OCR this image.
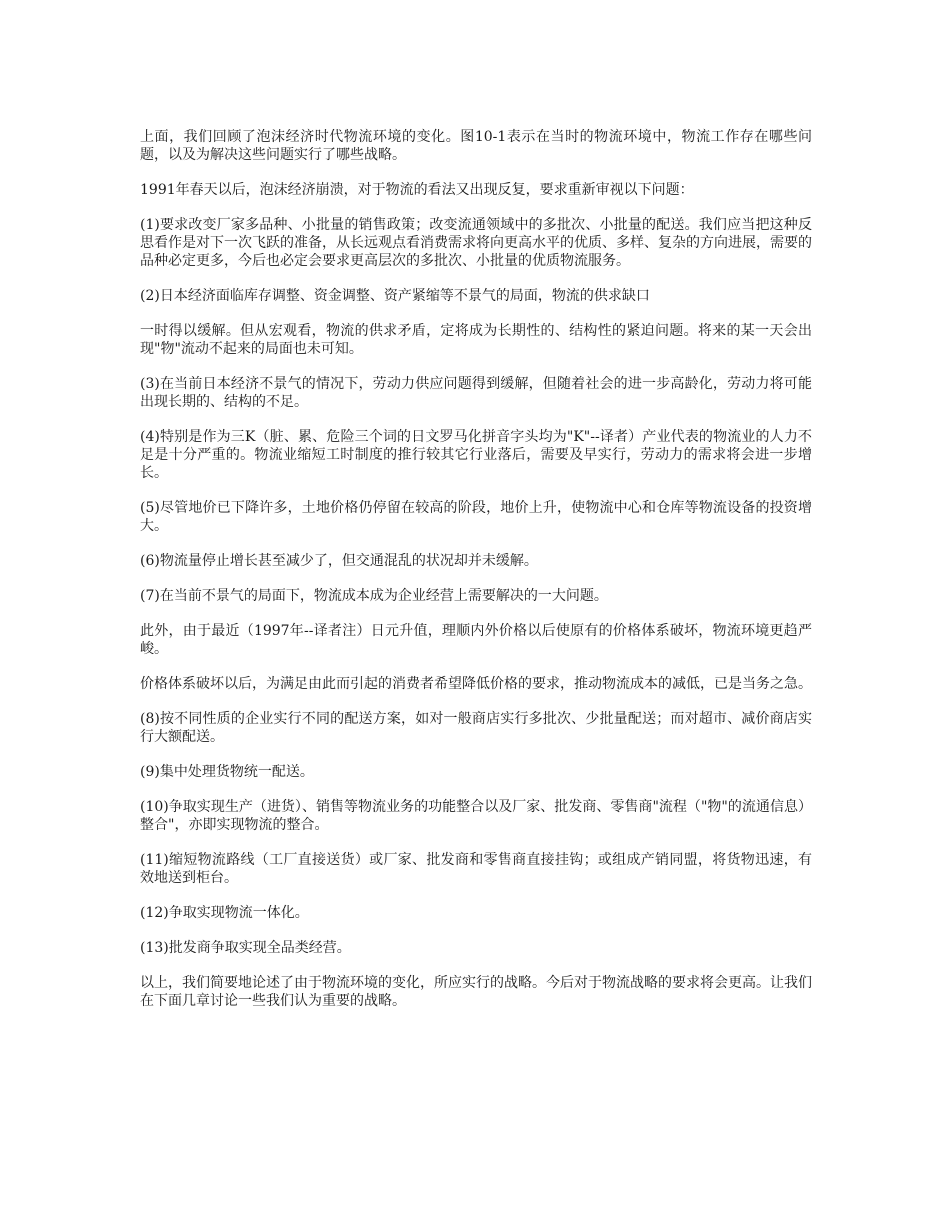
上面，我们回顾了泡沫经济时代物流环境的变化。图10-1表示在当时的物流环境中，物流工作存在哪些问题，以及为解决这些问题实行了哪些战略。

1991年春天以后，泡沫经济崩溃，对于物流的看法又出现反复，要求重新审视以下问题：

(1)要求改变厂家多品种、小批量的销售政策；改变流通领域中的多批次、小批量的配送。我们应当把这种反思看作是对下一次飞跃的准备，从长远观点看消费需求将向更高水平的优质、多样、复杂的方向进展，需要的品种必定更多，今后也必定会要求更高层次的多批次、小批量的优质物流服务。

(2)日本经济面临库存调整、资金调整、资产紧缩等不景气的局面，物流的供求缺口

一时得以缓解。但从宏观看，物流的供求矛盾，定将成为长期性的、结构性的紧迫问题。将来的某一天会出现"物"流动不起来的局面也未可知。

(3)在当前日本经济不景气的情况下，劳动力供应问题得到缓解，但随着社会的进一步高龄化，劳动力将可能出现长期的、结构的不足。

(4)特别是作为三K（脏、累、危险三个词的日文罗马化拼音字头均为"K"--译者）产业代表的物流业的人力不足是十分严重的。物流业缩短工时制度的推行较其它行业落后，需要及早实行，劳动力的需求将会进一步增长。

(5)尽管地价已下降许多，土地价格仍停留在较高的阶段，地价上升，使物流中心和仓库等物流设备的投资增大。

(6)物流量停止增长甚至减少了，但交通混乱的状况却并未缓解。

(7)在当前不景气的局面下，物流成本成为企业经营上需要解决的一大问题。

此外，由于最近（1997年--译者注）日元升值，理顺内外价格以后使原有的价格体系破坏，物流环境更趋严峻。

价格体系破坏以后，为满足由此而引起的消费者希望降低价格的要求，推动物流成本的减低，已是当务之急。

(8)按不同性质的企业实行不同的配送方案，如对一般商店实行多批次、少批量配送；而对超市、减价商店实行大额配送。

(9)集中处理货物统一配送。

(10)争取实现生产（进货）、销售等物流业务的功能整合以及厂家、批发商、零售商"流程（"物"的流通信息）整合"，亦即实现物流的整合。

(11)缩短物流路线（工厂直接送货）或厂家、批发商和零售商直接挂钩；或组成产销同盟，将货物迅速，有效地送到柜台。

(12)争取实现物流一体化。

(13)批发商争取实现全品类经营。

以上，我们简要地论述了由于物流环境的变化，所应实行的战略。今后对于物流战略的要求将会更高。让我们在下面几章讨论一些我们认为重要的战略。
